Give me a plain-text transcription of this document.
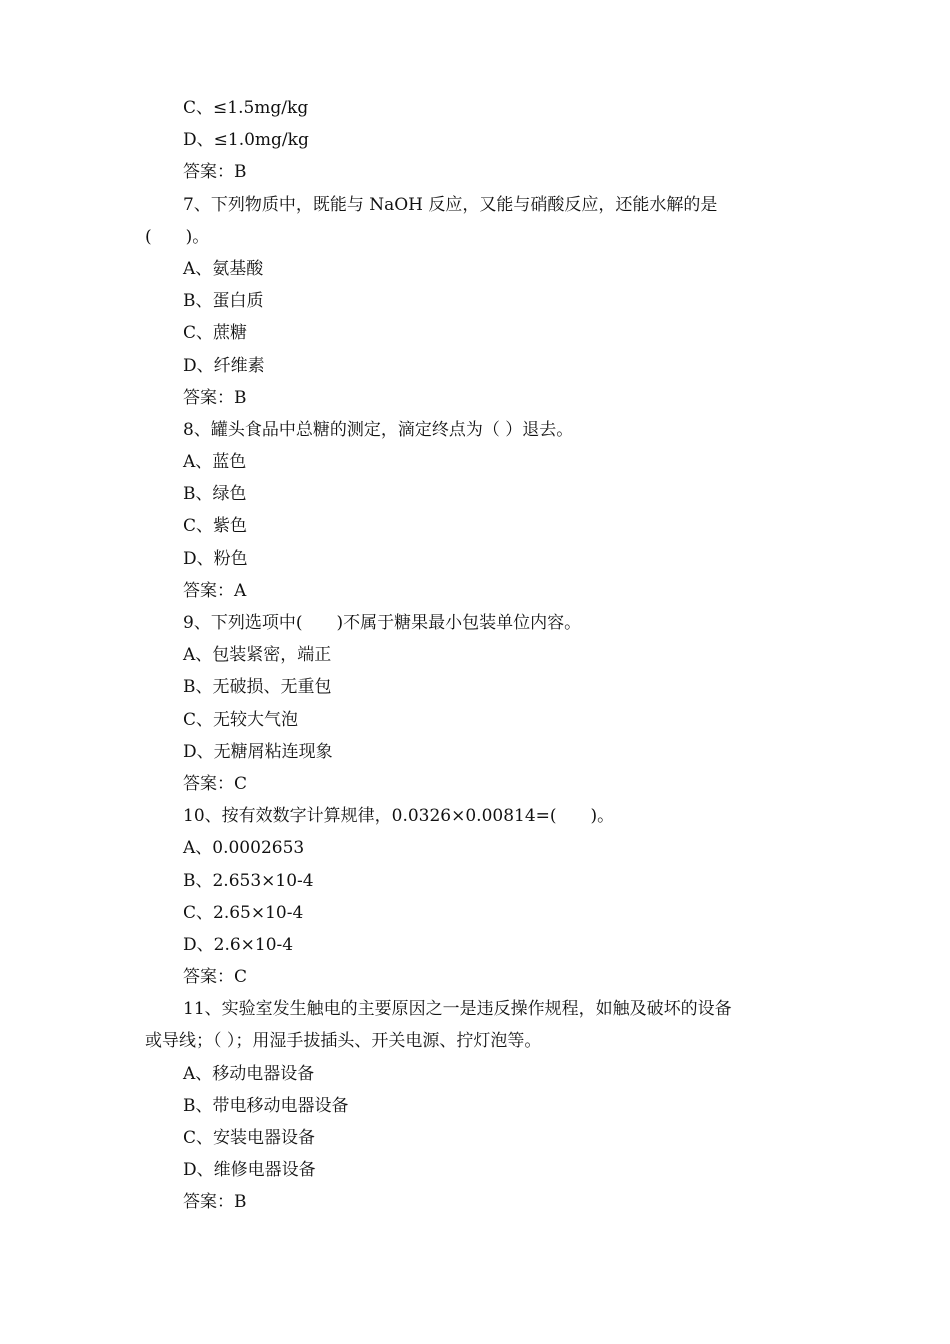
C、≤1.5mg/kg
D、≤1.0mg/kg
答案：B
7、下列物质中，既能与 NaOH 反应，又能与硝酸反应，还能水解的是
(　　)。
A、氨基酸
B、蛋白质
C、蔗糖
D、纤维素
答案：B
8、罐头食品中总糖的测定，滴定终点为（ ）退去。
A、蓝色
B、绿色
C、紫色
D、粉色
答案：A
9、下列选项中(　　)不属于糖果最小包装单位内容。
A、包装紧密，端正
B、无破损、无重包
C、无较大气泡
D、无糖屑粘连现象
答案：C
10、按有效数字计算规律，0.0326×0.00814=(　　)。
A、0.0002653
B、2.653×10-4
C、2.65×10-4
D、2.6×10-4
答案：C
11、实验室发生触电的主要原因之一是违反操作规程，如触及破坏的设备
或导线；（ ）；用湿手拔插头、开关电源、拧灯泡等。
A、移动电器设备
B、带电移动电器设备
C、安装电器设备
D、维修电器设备
答案：B
